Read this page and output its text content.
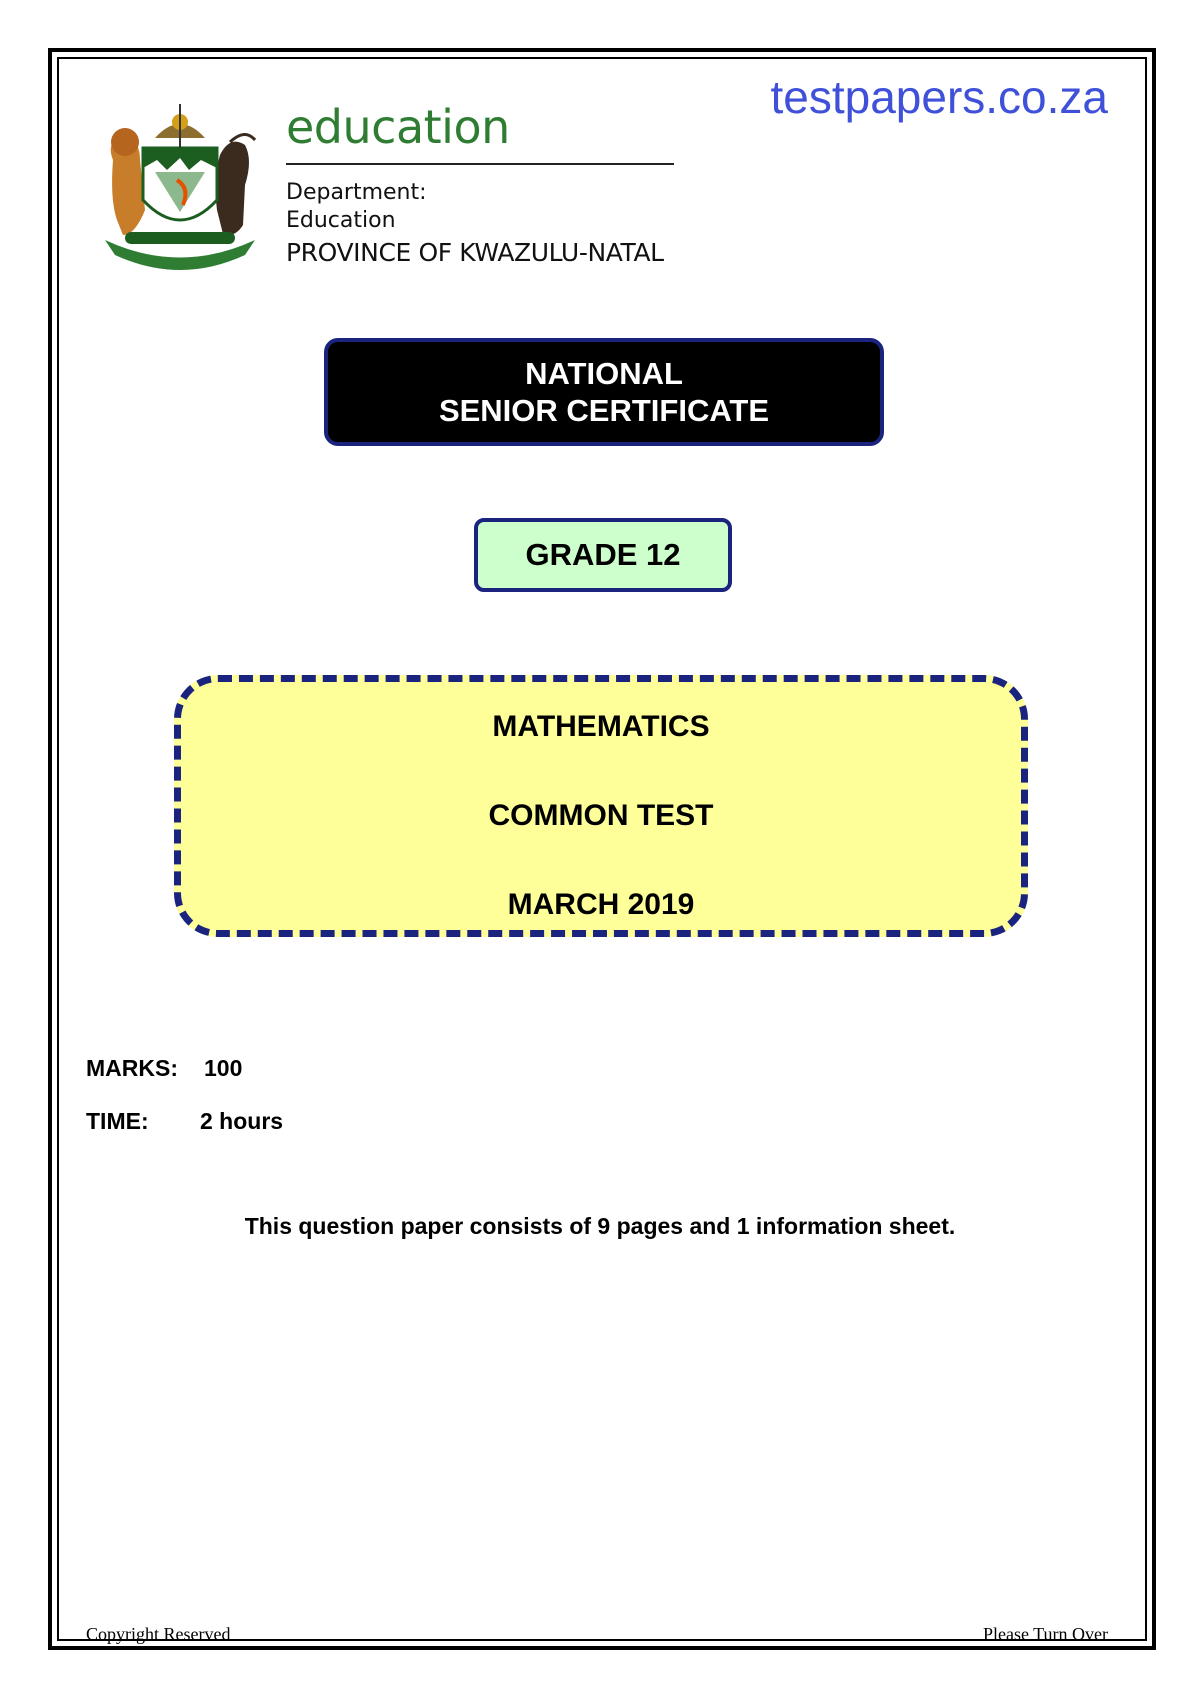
education
Department:
Education
PROVINCE OF KWAZULU-NATAL
testpapers.co.za
NATIONAL
SENIOR CERTIFICATE
GRADE 12
MATHEMATICS
COMMON TEST
MARCH 2019
MARKS: 100
TIME: 2 hours
This question paper consists of 9 pages and 1 information sheet.
Copyright Reserved	Please Turn Over
